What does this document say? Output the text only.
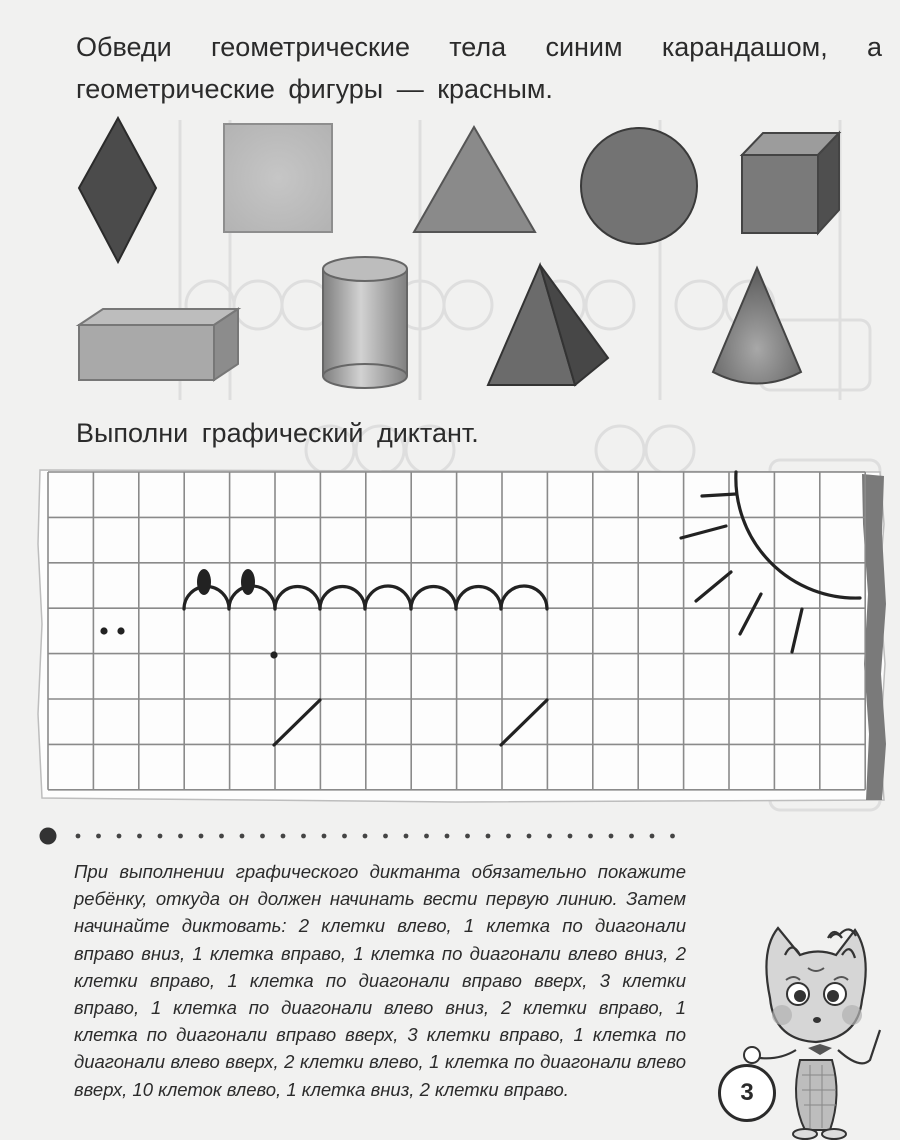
Обведи геометрические тела синим карандашом, а геометрические фигуры — красным.
Выполни графический диктант.
При выполнении графического диктанта обязательно покажите ребёнку, откуда он должен начинать вести первую линию. Затем начинайте диктовать: 2 клетки влево, 1 клетка по диагонали вправо вниз, 1 клетка вправо, 1 клетка по диагонали влево вниз, 2 клетки вправо, 1 клетка по диагонали вправо вверх, 3 клетки вправо, 1 клетка по диагонали влево вниз, 2 клетки вправо, 1 клетка по диагонали вправо вверх, 3 клетки вправо, 1 клетка по диагонали влево вверх, 2 клетки влево, 1 клетка по диагонали влево вверх, 10 клеток влево, 1 клетка вниз, 2 клетки вправо.	3
